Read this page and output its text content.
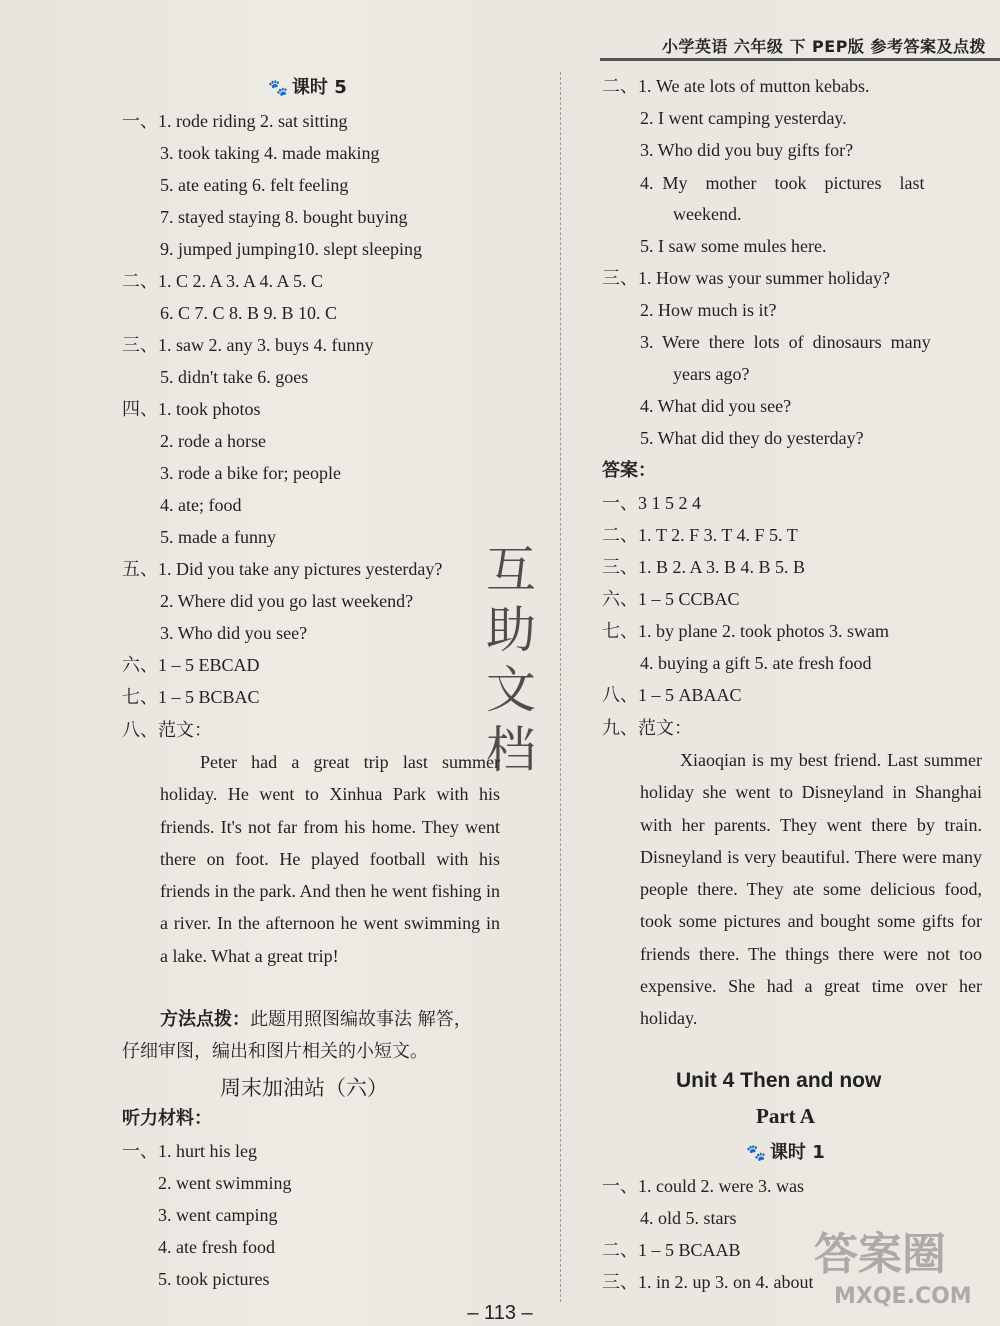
小学英语 六年级 下 PEP版 参考答案及点拨
🐾 课时 5
一、1. rode riding 2. sat sitting
3. took taking 4. made making
5. ate eating 6. felt feeling
7. stayed staying 8. bought buying
9. jumped jumping10. slept sleeping
二、1. C 2. A 3. A 4. A 5. C
6. C 7. C 8. B 9. B 10. C
三、1. saw 2. any 3. buys 4. funny
5. didn't take 6. goes
四、1. took photos
2. rode a horse
3. rode a bike for; people
4. ate; food
5. made a funny
五、1. Did you take any pictures yesterday?
2. Where did you go last weekend?
3. Who did you see?
六、1 – 5 EBCAD
七、1 – 5 BCBAC
八、范文：
Peter had a great trip last summer holiday. He went to Xinhua Park with his friends. It's not far from his home. They went there on foot. He played football with his friends in the park. And then he went fishing in a river. In the afternoon he went swimming in a lake. What a great trip!
方法点拨：此题用照图编故事法 解答，
仔细审图，编出和图片相关的小短文。
周末加油站（六）
听力材料：
一、1. hurt his leg
2. went swimming
3. went camping
4. ate fresh food
5. took pictures
二、1. We ate lots of mutton kebabs.
2. I went camping yesterday.
3. Who did you buy gifts for?
4.  My    mother    took    pictures    last
weekend.
5. I saw some mules here.
三、1. How was your summer holiday?
2. How much is it?
3.  Were  there  lots  of  dinosaurs  many
years ago?
4. What did you see?
5. What did they do yesterday?
答案：
一、3 1 5 2 4
二、1. T 2. F 3. T 4. F 5. T
三、1. B 2. A 3. B 4. B 5. B
六、1 – 5 CCBAC
七、1. by plane 2. took photos 3. swam
4. buying a gift 5. ate fresh food
八、1 – 5 ABAAC
九、范文：
Xiaoqian is my best friend. Last summer holiday she went to Disneyland in Shanghai with her parents. They went there by train. Disneyland is very beautiful. There were many people there. They ate some delicious food, took some pictures and bought some gifts for friends there. The things there were not too expensive. She had a great time over her holiday.
Unit 4 Then and now
Part A
🐾 课时 1
一、1. could 2. were 3. was
4. old 5. stars
二、1 – 5 BCAAB
三、1. in 2. up 3. on 4. about
互
助
文
档
– 113 –
答案圈
MXQE.COM
